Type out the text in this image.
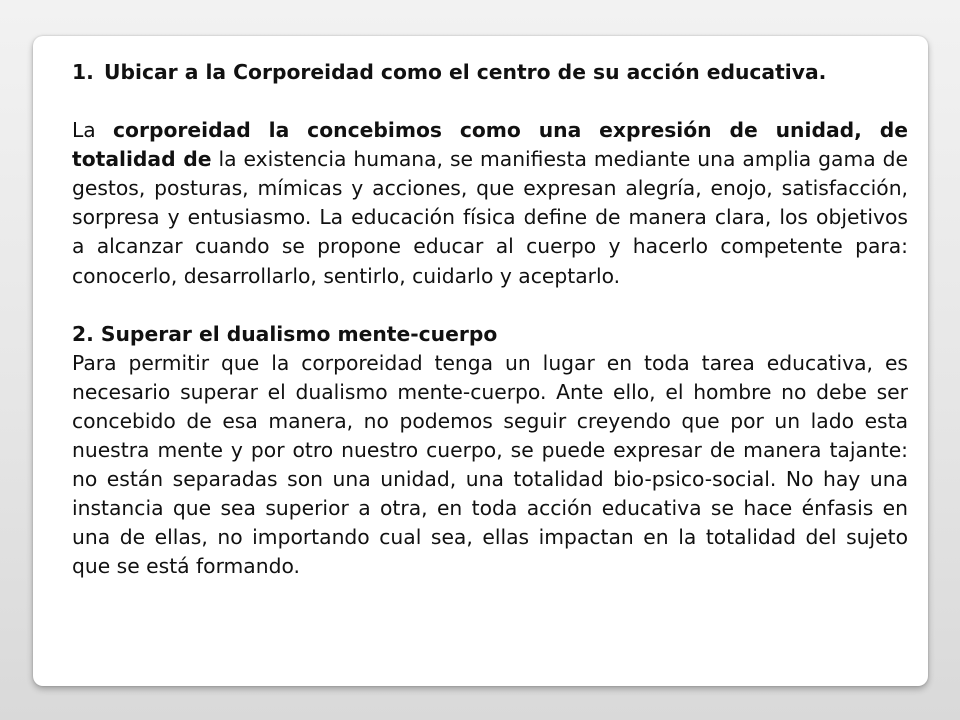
1. Ubicar a la Corporeidad como el centro de su acción educativa.

La corporeidad la concebimos como una expresión de unidad, de totalidad de la existencia humana, se manifiesta mediante una amplia gama de gestos, posturas, mímicas y acciones, que expresan alegría, enojo, satisfacción, sorpresa y entusiasmo. La educación física define de manera clara, los objetivos a alcanzar cuando se propone educar al cuerpo y hacerlo competente para: conocerlo, desarrollarlo, sentirlo, cuidarlo y aceptarlo.

2. Superar el dualismo mente-cuerpo

Para permitir que la corporeidad tenga un lugar en toda tarea educativa, es necesario superar el dualismo mente-cuerpo. Ante ello, el hombre no debe ser concebido de esa manera, no podemos seguir creyendo que por un lado esta nuestra mente y por otro nuestro cuerpo, se puede expresar de manera tajante: no están separadas son una unidad, una totalidad bio-psico-social. No hay una instancia que sea superior a otra, en toda acción educativa se hace énfasis en una de ellas, no importando cual sea, ellas impactan en la totalidad del sujeto que se está formando.
